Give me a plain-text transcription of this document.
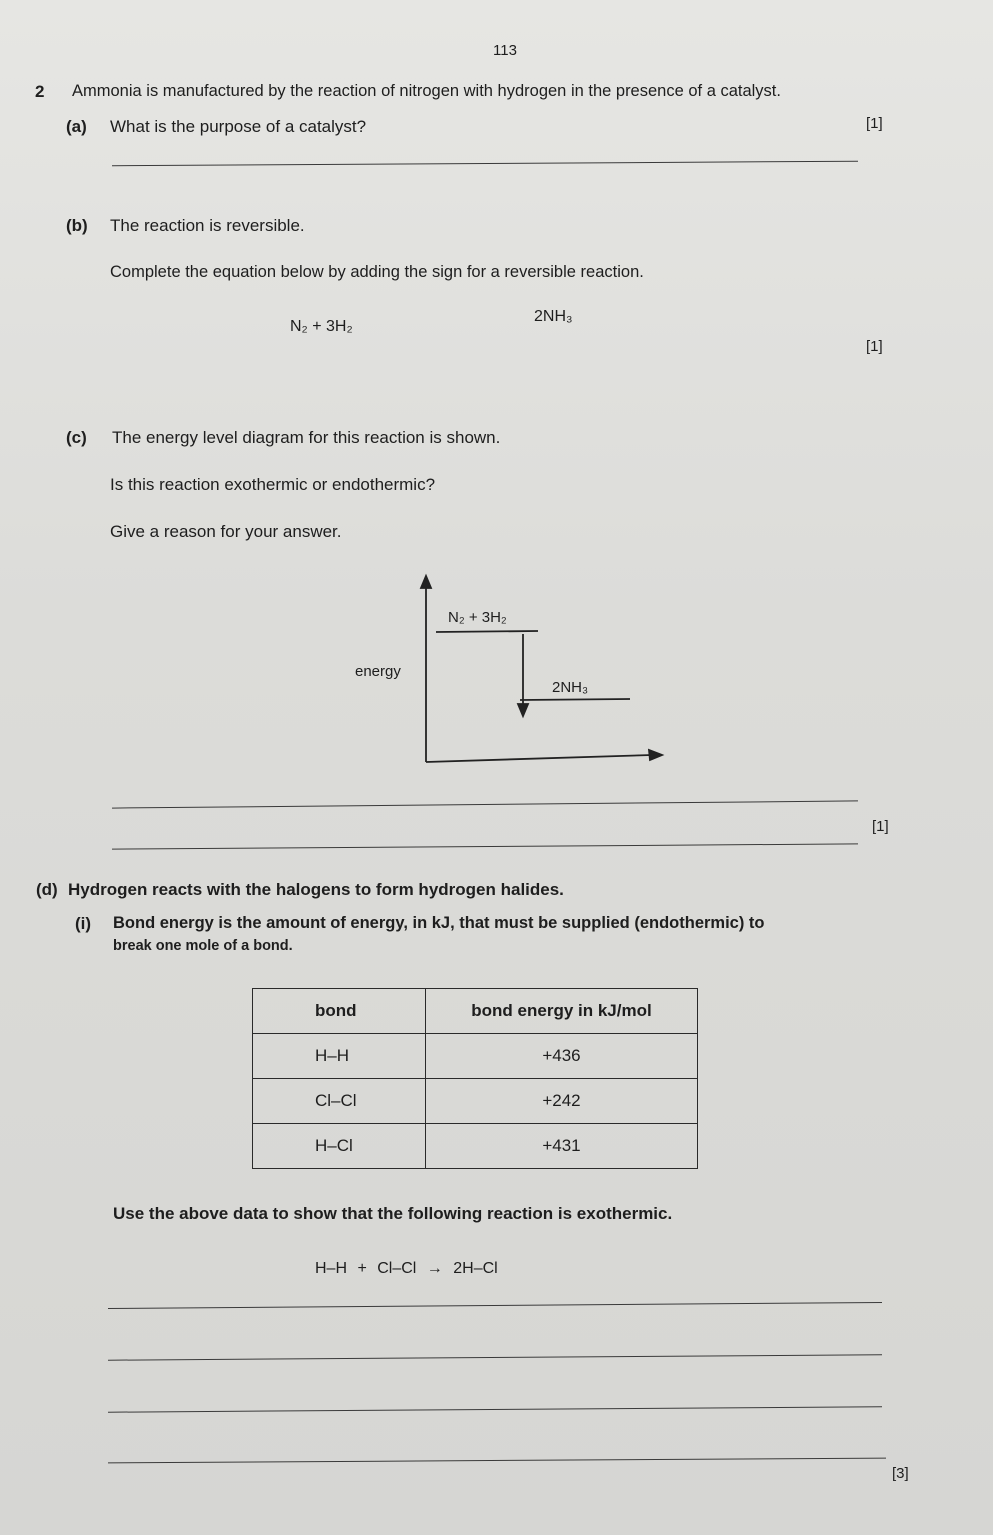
113
2 Ammonia is manufactured by the reaction of nitrogen with hydrogen in the presence of a catalyst.
(a) What is the purpose of a catalyst?	[1]
(b) The reaction is reversible.
Complete the equation below by adding the sign for a reversible reaction.
N₂ + 3H₂
2NH₃
[1]
(c) The energy level diagram for this reaction is shown.
Is this reaction exothermic or endothermic?
Give a reason for your answer.
energy
N₂ + 3H₂
2NH₃
[1]
(d) Hydrogen reacts with the halogens to form hydrogen halides.
(i) Bond energy is the amount of energy, in kJ, that must be supplied (endothermic) to
break one mole of a bond.
bond	bond energy in kJ/mol
H–H	+436
Cl–Cl	+242
H–Cl	+431
Use the above data to show that the following reaction is exothermic.
H–H + Cl–Cl → 2H–Cl
[3]
